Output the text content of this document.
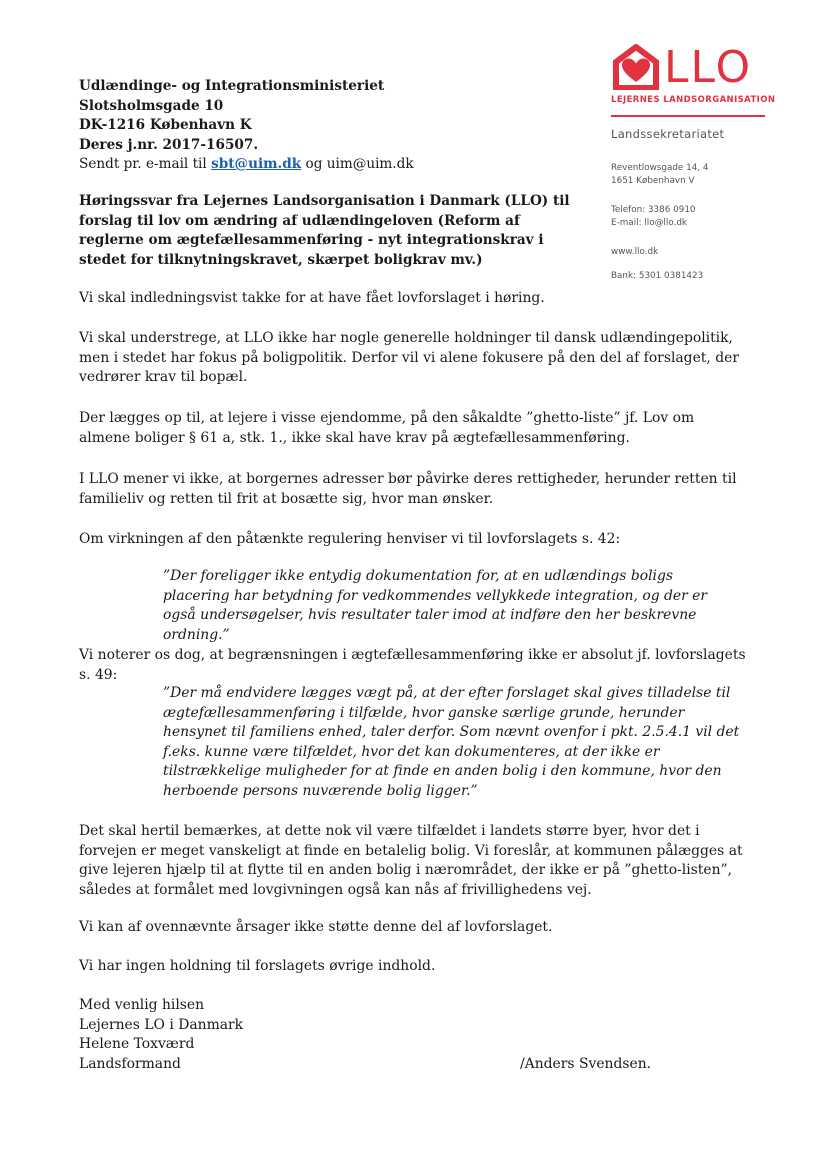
LLO
LEJERNES LANDSORGANISATION
Landssekretariatet
Reventlowsgade 14, 4
1651 København V
Telefon: 3386 0910
E-mail: llo@llo.dk
www.llo.dk
Bank: 5301 0381423
Udlændinge- og Integrationsministeriet
Slotsholmsgade 10
DK-1216 København K
Deres j.nr. 2017-16507.
Sendt pr. e-mail til sbt@uim.dk og uim@uim.dk
Høringssvar fra Lejernes Landsorganisation i Danmark (LLO) til forslag til lov om ændring af udlændingeloven (Reform af reglerne om ægtefællesammenføring - nyt integrationskrav i stedet for tilknytningskravet, skærpet boligkrav mv.)
Vi skal indledningsvist takke for at have fået lovforslaget i høring.
Vi skal understrege, at LLO ikke har nogle generelle holdninger til dansk udlændingepolitik, men i stedet har fokus på boligpolitik. Derfor vil vi alene fokusere på den del af forslaget, der vedrører krav til bopæl.
Der lægges op til, at lejere i visse ejendomme, på den såkaldte ”ghetto-liste” jf. Lov om almene boliger § 61 a, stk. 1., ikke skal have krav på ægtefællesammenføring.
I LLO mener vi ikke, at borgernes adresser bør påvirke deres rettigheder, herunder retten til familieliv og retten til frit at bosætte sig, hvor man ønsker.
Om virkningen af den påtænkte regulering henviser vi til lovforslagets s. 42:
”Der foreligger ikke entydig dokumentation for, at en udlændings boligs placering har betydning for vedkommendes vellykkede integration, og der er også undersøgelser, hvis resultater taler imod at indføre den her beskrevne ordning.”
Vi noterer os dog, at begrænsningen i ægtefællesammenføring ikke er absolut jf. lovforslagets s. 49:
”Der må endvidere lægges vægt på, at der efter forslaget skal gives tilladelse til ægtefællesammenføring i tilfælde, hvor ganske særlige grunde, herunder hensynet til familiens enhed, taler derfor. Som nævnt ovenfor i pkt. 2.5.4.1 vil det f.eks. kunne være tilfældet, hvor det kan dokumenteres, at der ikke er tilstrækkelige muligheder for at finde en anden bolig i den kommune, hvor den herboende persons nuværende bolig ligger.”
Det skal hertil bemærkes, at dette nok vil være tilfældet i landets større byer, hvor det i forvejen er meget vanskeligt at finde en betalelig bolig. Vi foreslår, at kommunen pålægges at give lejeren hjælp til at flytte til en anden bolig i nærområdet, der ikke er på ”ghetto-listen”, således at formålet med lovgivningen også kan nås af frivillighedens vej.
Vi kan af ovennævnte årsager ikke støtte denne del af lovforslaget.
Vi har ingen holdning til forslagets øvrige indhold.
Med venlig hilsen
Lejernes LO i Danmark
Helene Toxværd
Landsformand	/Anders Svendsen.
